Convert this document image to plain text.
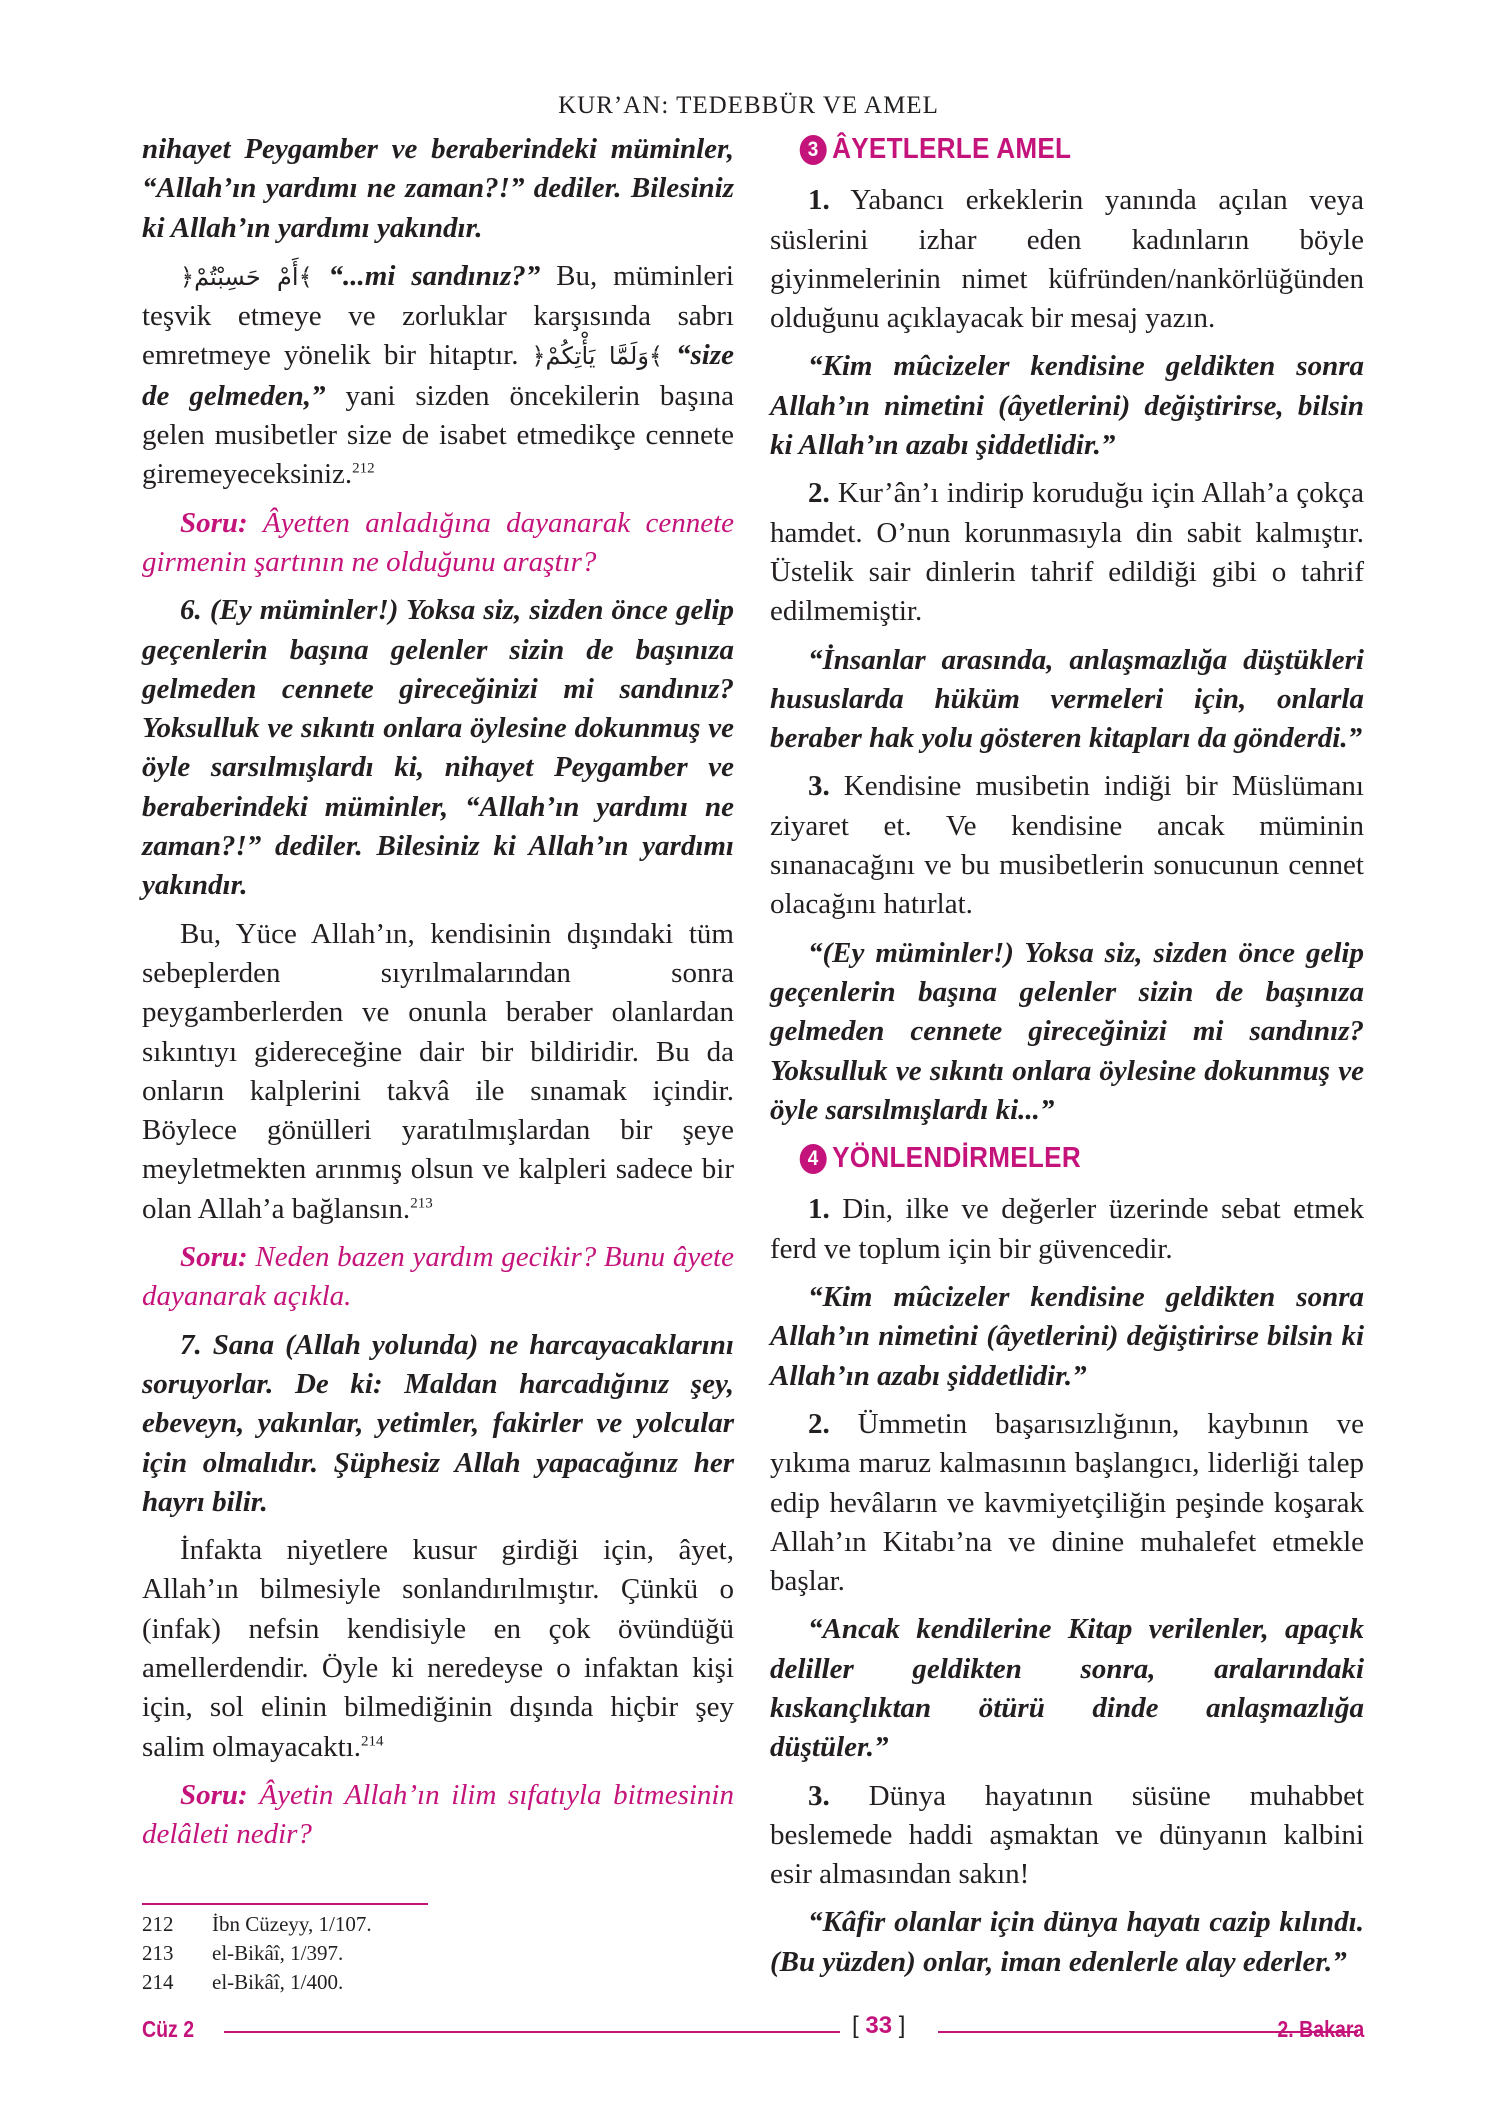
KUR’AN: TEDEBBÜR VE AMEL

nihayet Peygamber ve beraberindeki müminler, “Allah’ın yardımı ne zaman?!” dediler. Bilesiniz ki Allah’ın yardımı yakındır.

﴿أَمْ حَسِبْتُمْ﴾ “...mi sandınız?” Bu, müminleri teşvik etmeye ve zorluklar karşısında sabrı emretmeye yönelik bir hitaptır. ﴿وَلَمَّا يَأْتِكُمْ﴾ “size de gelmeden,” yani sizden öncekilerin başına gelen musibetler size de isabet etmedikçe cennete giremeyeceksiniz.$^{212}$

Soru: Âyetten anladığına dayanarak cennete girmenin şartının ne olduğunu araştır?

6. (Ey müminler!) Yoksa siz, sizden önce gelip geçenlerin başına gelenler sizin de başınıza gelmeden cennete gireceğinizi mi sandınız? Yoksulluk ve sıkıntı onlara öylesine dokunmuş ve öyle sarsılmışlardı ki, nihayet Peygamber ve beraberindeki müminler, “Allah’ın yardımı ne zaman?!” dediler. Bilesiniz ki Allah’ın yardımı yakındır.

Bu, Yüce Allah’ın, kendisinin dışındaki tüm sebeplerden sıyrılmalarından sonra peygamberlerden ve onunla beraber olanlardan sıkıntıyı gidereceğine dair bir bildiridir. Bu da onların kalplerini takvâ ile sınamak içindir. Böylece gönülleri yaratılmışlardan bir şeye meyletmekten arınmış olsun ve kalpleri sadece bir olan Allah’a bağlansın.$^{213}$

Soru: Neden bazen yardım gecikir? Bunu âyete dayanarak açıkla.

7. Sana (Allah yolunda) ne harcayacaklarını soruyorlar. De ki: Maldan harcadığınız şey, ebeveyn, yakınlar, yetimler, fakirler ve yolcular için olmalıdır. Şüphesiz Allah yapacağınız her hayrı bilir.

İnfakta niyetlere kusur girdiği için, âyet, Allah’ın bilmesiyle sonlandırılmıştır. Çünkü o (infak) nefsin kendisiyle en çok övündüğü amellerdendir. Öyle ki neredeyse o infaktan kişi için, sol elinin bilmediğinin dışında hiçbir şey salim olmayacaktı.$^{214}$

Soru: Âyetin Allah’ın ilim sıfatıyla bitmesinin delâleti nedir?

3 ÂYETLERLE AMEL

1. Yabancı erkeklerin yanında açılan veya süslerini izhar eden kadınların böyle giyinmelerinin nimet küfründen/nankörlüğünden olduğunu açıklayacak bir mesaj yazın.

“Kim mûcizeler kendisine geldikten sonra Allah’ın nimetini (âyetlerini) değiştirirse, bilsin ki Allah’ın azabı şiddetlidir.”

2. Kur’ân’ı indirip koruduğu için Allah’a çokça hamdet. O’nun korunmasıyla din sabit kalmıştır. Üstelik sair dinlerin tahrif edildiği gibi o tahrif edilmemiştir.

“İnsanlar arasında, anlaşmazlığa düştükleri hususlarda hüküm vermeleri için, onlarla beraber hak yolu gösteren kitapları da gönderdi.”

3. Kendisine musibetin indiği bir Müslümanı ziyaret et. Ve kendisine ancak müminin sınanacağını ve bu musibetlerin sonucunun cennet olacağını hatırlat.

“(Ey müminler!) Yoksa siz, sizden önce gelip geçenlerin başına gelenler sizin de başınıza gelmeden cennete gireceğinizi mi sandınız? Yoksulluk ve sıkıntı onlara öylesine dokunmuş ve öyle sarsılmışlardı ki...”

4 YÖNLENDİRMELER

1. Din, ilke ve değerler üzerinde sebat etmek ferd ve toplum için bir güvencedir.

“Kim mûcizeler kendisine geldikten sonra Allah’ın nimetini (âyetlerini) değiştirirse bilsin ki Allah’ın azabı şiddetlidir.”

2. Ümmetin başarısızlığının, kaybının ve yıkıma maruz kalmasının başlangıcı, liderliği talep edip hevâların ve kavmiyetçiliğin peşinde koşarak Allah’ın Kitabı’na ve dinine muhalefet etmekle başlar.

“Ancak kendilerine Kitap verilenler, apaçık deliller geldikten sonra, aralarındaki kıskançlıktan ötürü dinde anlaşmazlığa düştüler.”

3. Dünya hayatının süsüne muhabbet beslemede haddi aşmaktan ve dünyanın kalbini esir almasından sakın!

“Kâfir olanlar için dünya hayatı cazip kılındı. (Bu yüzden) onlar, iman edenlerle alay ederler.”

212	İbn Cüzeyy, 1/107.
213	el-Bikâî, 1/397.
214	el-Bikâî, 1/400.
Cüz 2	[ 33 ]	2. Bakara
